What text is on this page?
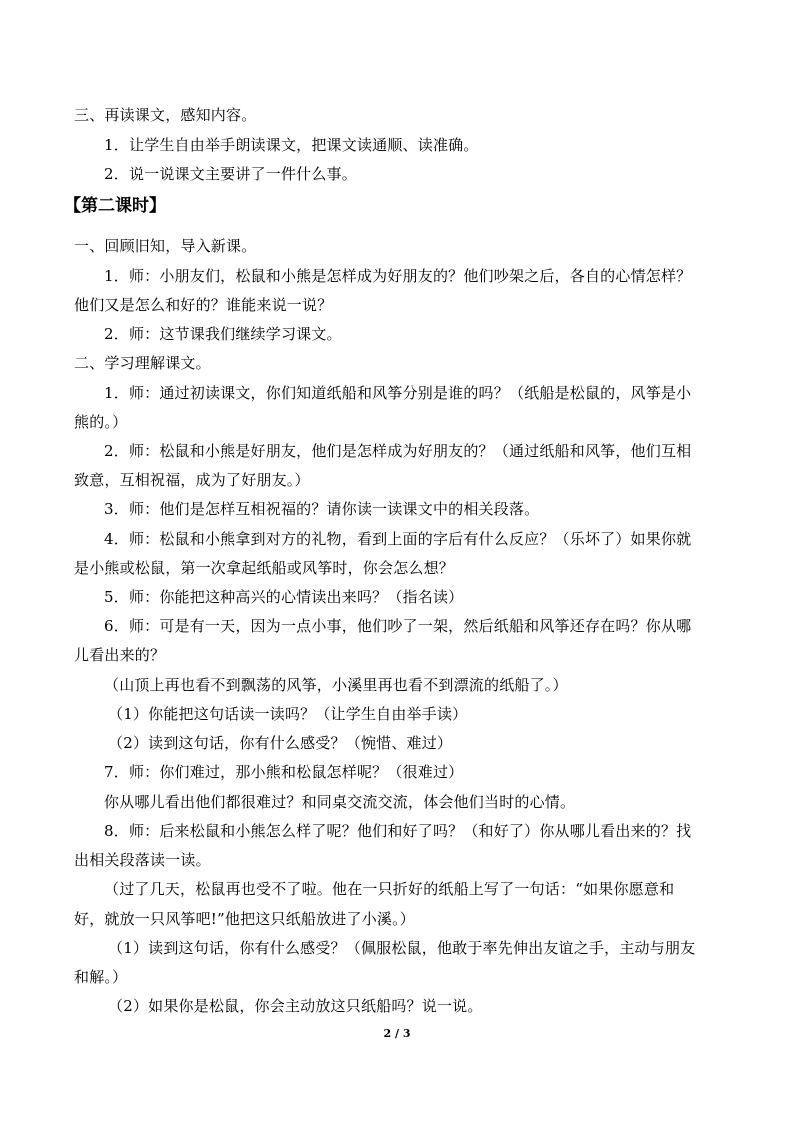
三、再读课文，感知内容。
1．让学生自由举手朗读课文，把课文读通顺、读准确。
2．说一说课文主要讲了一件什么事。
【第二课时】
一、回顾旧知，导入新课。
1．师：小朋友们，松鼠和小熊是怎样成为好朋友的？他们吵架之后，各自的心情怎样？
他们又是怎么和好的？谁能来说一说？
2．师：这节课我们继续学习课文。
二、学习理解课文。
1．师：通过初读课文，你们知道纸船和风筝分别是谁的吗？（纸船是松鼠的，风筝是小
熊的。）
2．师：松鼠和小熊是好朋友，他们是怎样成为好朋友的？（通过纸船和风筝，他们互相
致意，互相祝福，成为了好朋友。）
3．师：他们是怎样互相祝福的？请你读一读课文中的相关段落。
4．师：松鼠和小熊拿到对方的礼物，看到上面的字后有什么反应？（乐坏了）如果你就
是小熊或松鼠，第一次拿起纸船或风筝时，你会怎么想？
5．师：你能把这种高兴的心情读出来吗？（指名读）
6．师：可是有一天，因为一点小事，他们吵了一架，然后纸船和风筝还存在吗？你从哪
儿看出来的？
（山顶上再也看不到飘荡的风筝，小溪里再也看不到漂流的纸船了。）
（1）你能把这句话读一读吗？（让学生自由举手读）
（2）读到这句话，你有什么感受？（惋惜、难过）
7．师：你们难过，那小熊和松鼠怎样呢？（很难过）
你从哪儿看出他们都很难过？和同桌交流交流，体会他们当时的心情。
8．师：后来松鼠和小熊怎么样了呢？他们和好了吗？（和好了）你从哪儿看出来的？找
出相关段落读一读。
（过了几天，松鼠再也受不了啦。他在一只折好的纸船上写了一句话：“如果你愿意和
好，就放一只风筝吧!”他把这只纸船放进了小溪。）
（1）读到这句话，你有什么感受？（佩服松鼠，他敢于率先伸出友谊之手，主动与朋友
和解。）
（2）如果你是松鼠，你会主动放这只纸船吗？说一说。
2 / 3
